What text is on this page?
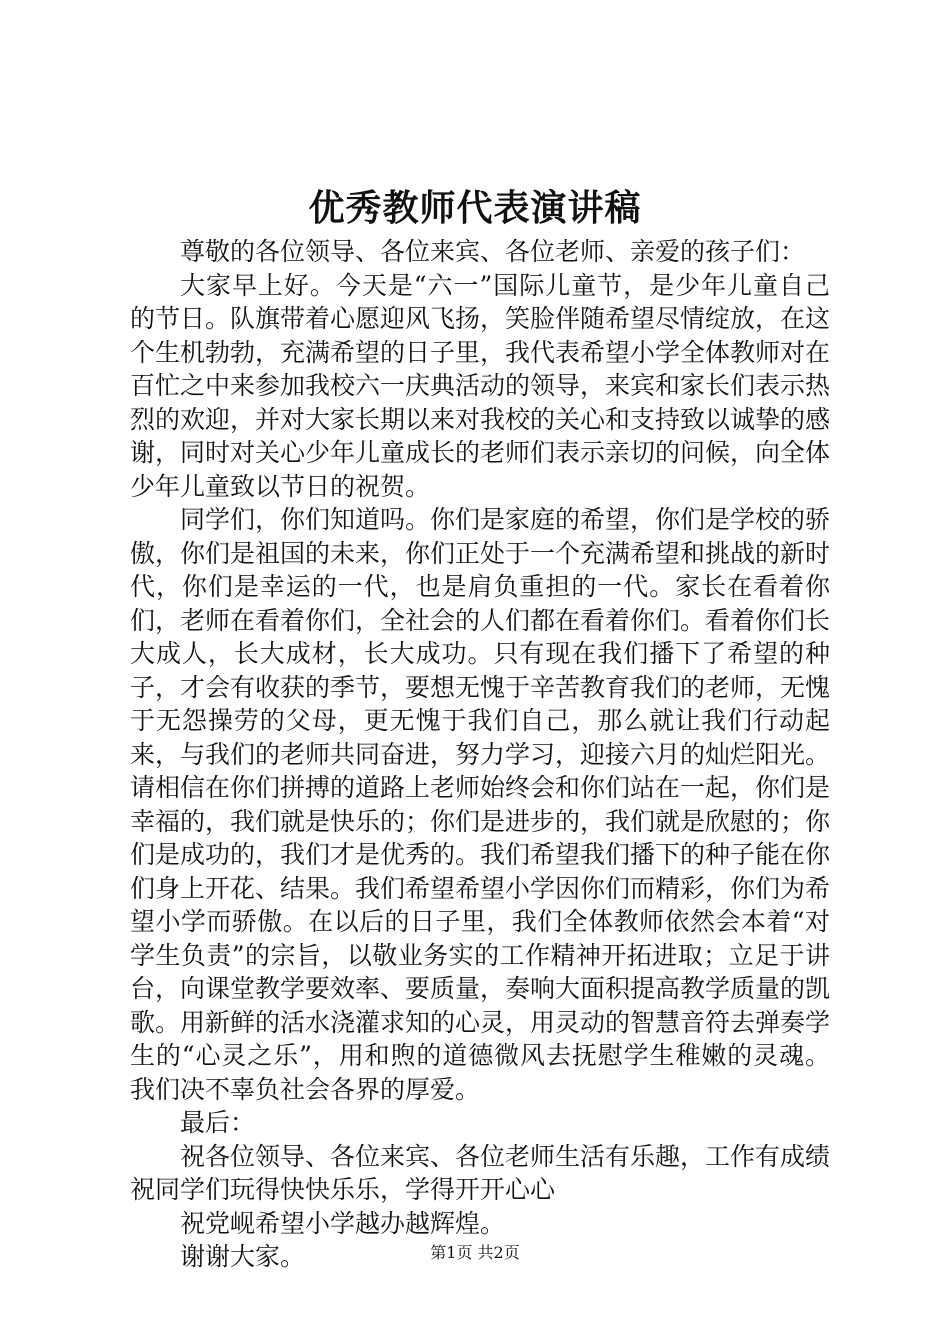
优秀教师代表演讲稿

尊敬的各位领导、各位来宾、各位老师、亲爱的孩子们：

大家早上好。今天是“六一”国际儿童节，是少年儿童自己的节日。队旗带着心愿迎风飞扬，笑脸伴随希望尽情绽放，在这个生机勃勃，充满希望的日子里，我代表希望小学全体教师对在百忙之中来参加我校六一庆典活动的领导，来宾和家长们表示热烈的欢迎，并对大家长期以来对我校的关心和支持致以诚挚的感谢，同时对关心少年儿童成长的老师们表示亲切的问候，向全体少年儿童致以节日的祝贺。

同学们，你们知道吗。你们是家庭的希望，你们是学校的骄傲，你们是祖国的未来，你们正处于一个充满希望和挑战的新时代，你们是幸运的一代，也是肩负重担的一代。家长在看着你们，老师在看着你们，全社会的人们都在看着你们。看着你们长大成人，长大成材，长大成功。只有现在我们播下了希望的种子，才会有收获的季节，要想无愧于辛苦教育我们的老师，无愧于无怨操劳的父母，更无愧于我们自己，那么就让我们行动起来，与我们的老师共同奋进，努力学习，迎接六月的灿烂阳光。请相信在你们拼搏的道路上老师始终会和你们站在一起，你们是幸福的，我们就是快乐的；你们是进步的，我们就是欣慰的；你们是成功的，我们才是优秀的。我们希望我们播下的种子能在你们身上开花、结果。我们希望希望小学因你们而精彩，你们为希望小学而骄傲。在以后的日子里，我们全体教师依然会本着“对学生负责”的宗旨，以敬业务实的工作精神开拓进取；立足于讲台，向课堂教学要效率、要质量，奏响大面积提高教学质量的凯歌。用新鲜的活水浇灌求知的心灵，用灵动的智慧音符去弹奏学生的“心灵之乐”，用和煦的道德微风去抚慰学生稚嫩的灵魂。我们决不辜负社会各界的厚爱。

最后：

祝各位领导、各位来宾、各位老师生活有乐趣，工作有成绩祝同学们玩得快快乐乐，学得开开心心

祝党岘希望小学越办越辉煌。

谢谢大家。	第1页 共2页
